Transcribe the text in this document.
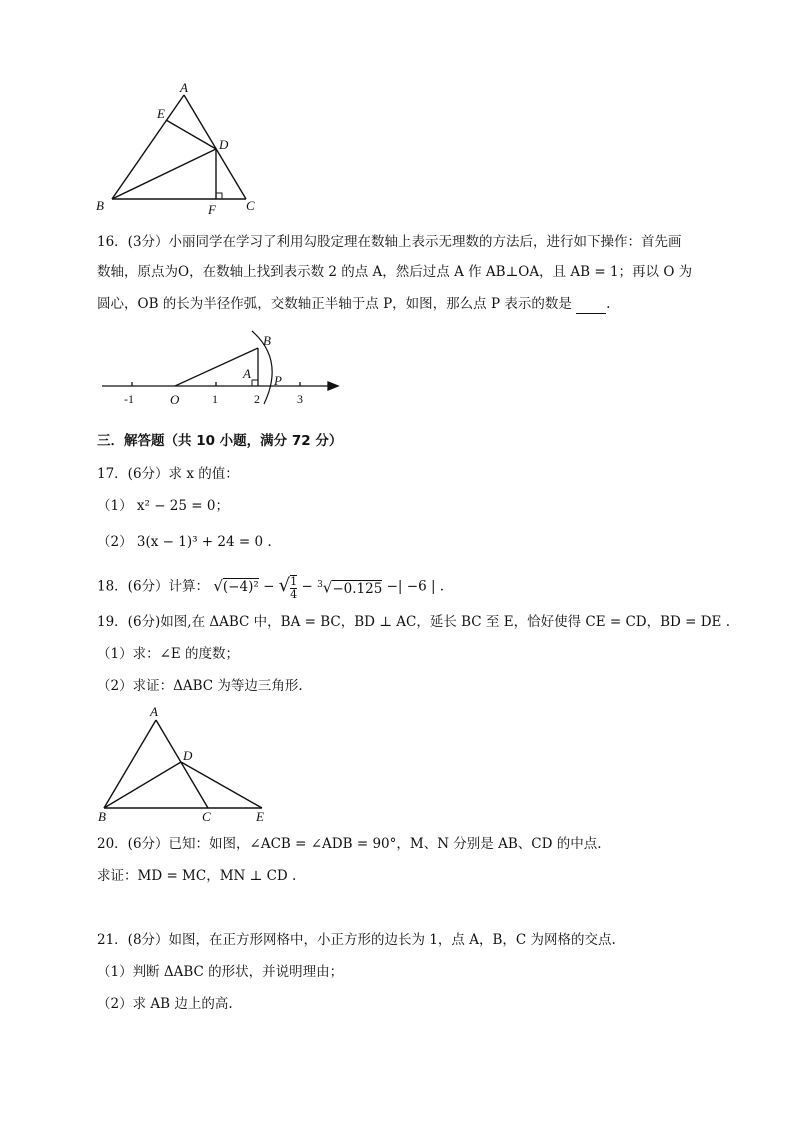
A
E
D
B	F C
16．(3分）小丽同学在学习了利用勾股定理在数轴上表示无理数的方法后，进行如下操作：首先画
数轴，原点为O，在数轴上找到表示数 2 的点 A，然后过点 A 作 AB⊥OA，且 AB = 1；再以 O 为
圆心，OB 的长为半径作弧，交数轴正半轴于点 P，如图，那么点 P 表示的数是	.
B
A P
O
-1	1	2	3
三．解答题（共 10 小题，满分 72 分）
17．(6分）求 x 的值：
（1） x² − 25 = 0；
（2） 3(x − 1)³ + 24 = 0 .
18．(6分）计算： √(−4)² − √ $\frac{1}{4} - ^3√-0.125$ −| −6 | .
19．(6分)如图,在 ΔABC 中，BA = BC，BD ⊥ AC，延长 BC 至 E，恰好使得 CE = CD，BD = DE .
（1）求：∠E 的度数；
（2）求证：ΔABC 为等边三角形.
A
D
B	C	E
20．(6分）已知：如图，∠ACB = ∠ADB = 90°，M、N 分别是 AB、CD 的中点.
求证：MD = MC，MN ⊥ CD .
21．(8分）如图，在正方形网格中，小正方形的边长为 1，点 A，B，C 为网格的交点.
（1）判断 ΔABC 的形状，并说明理由；
（2）求 AB 边上的高.
